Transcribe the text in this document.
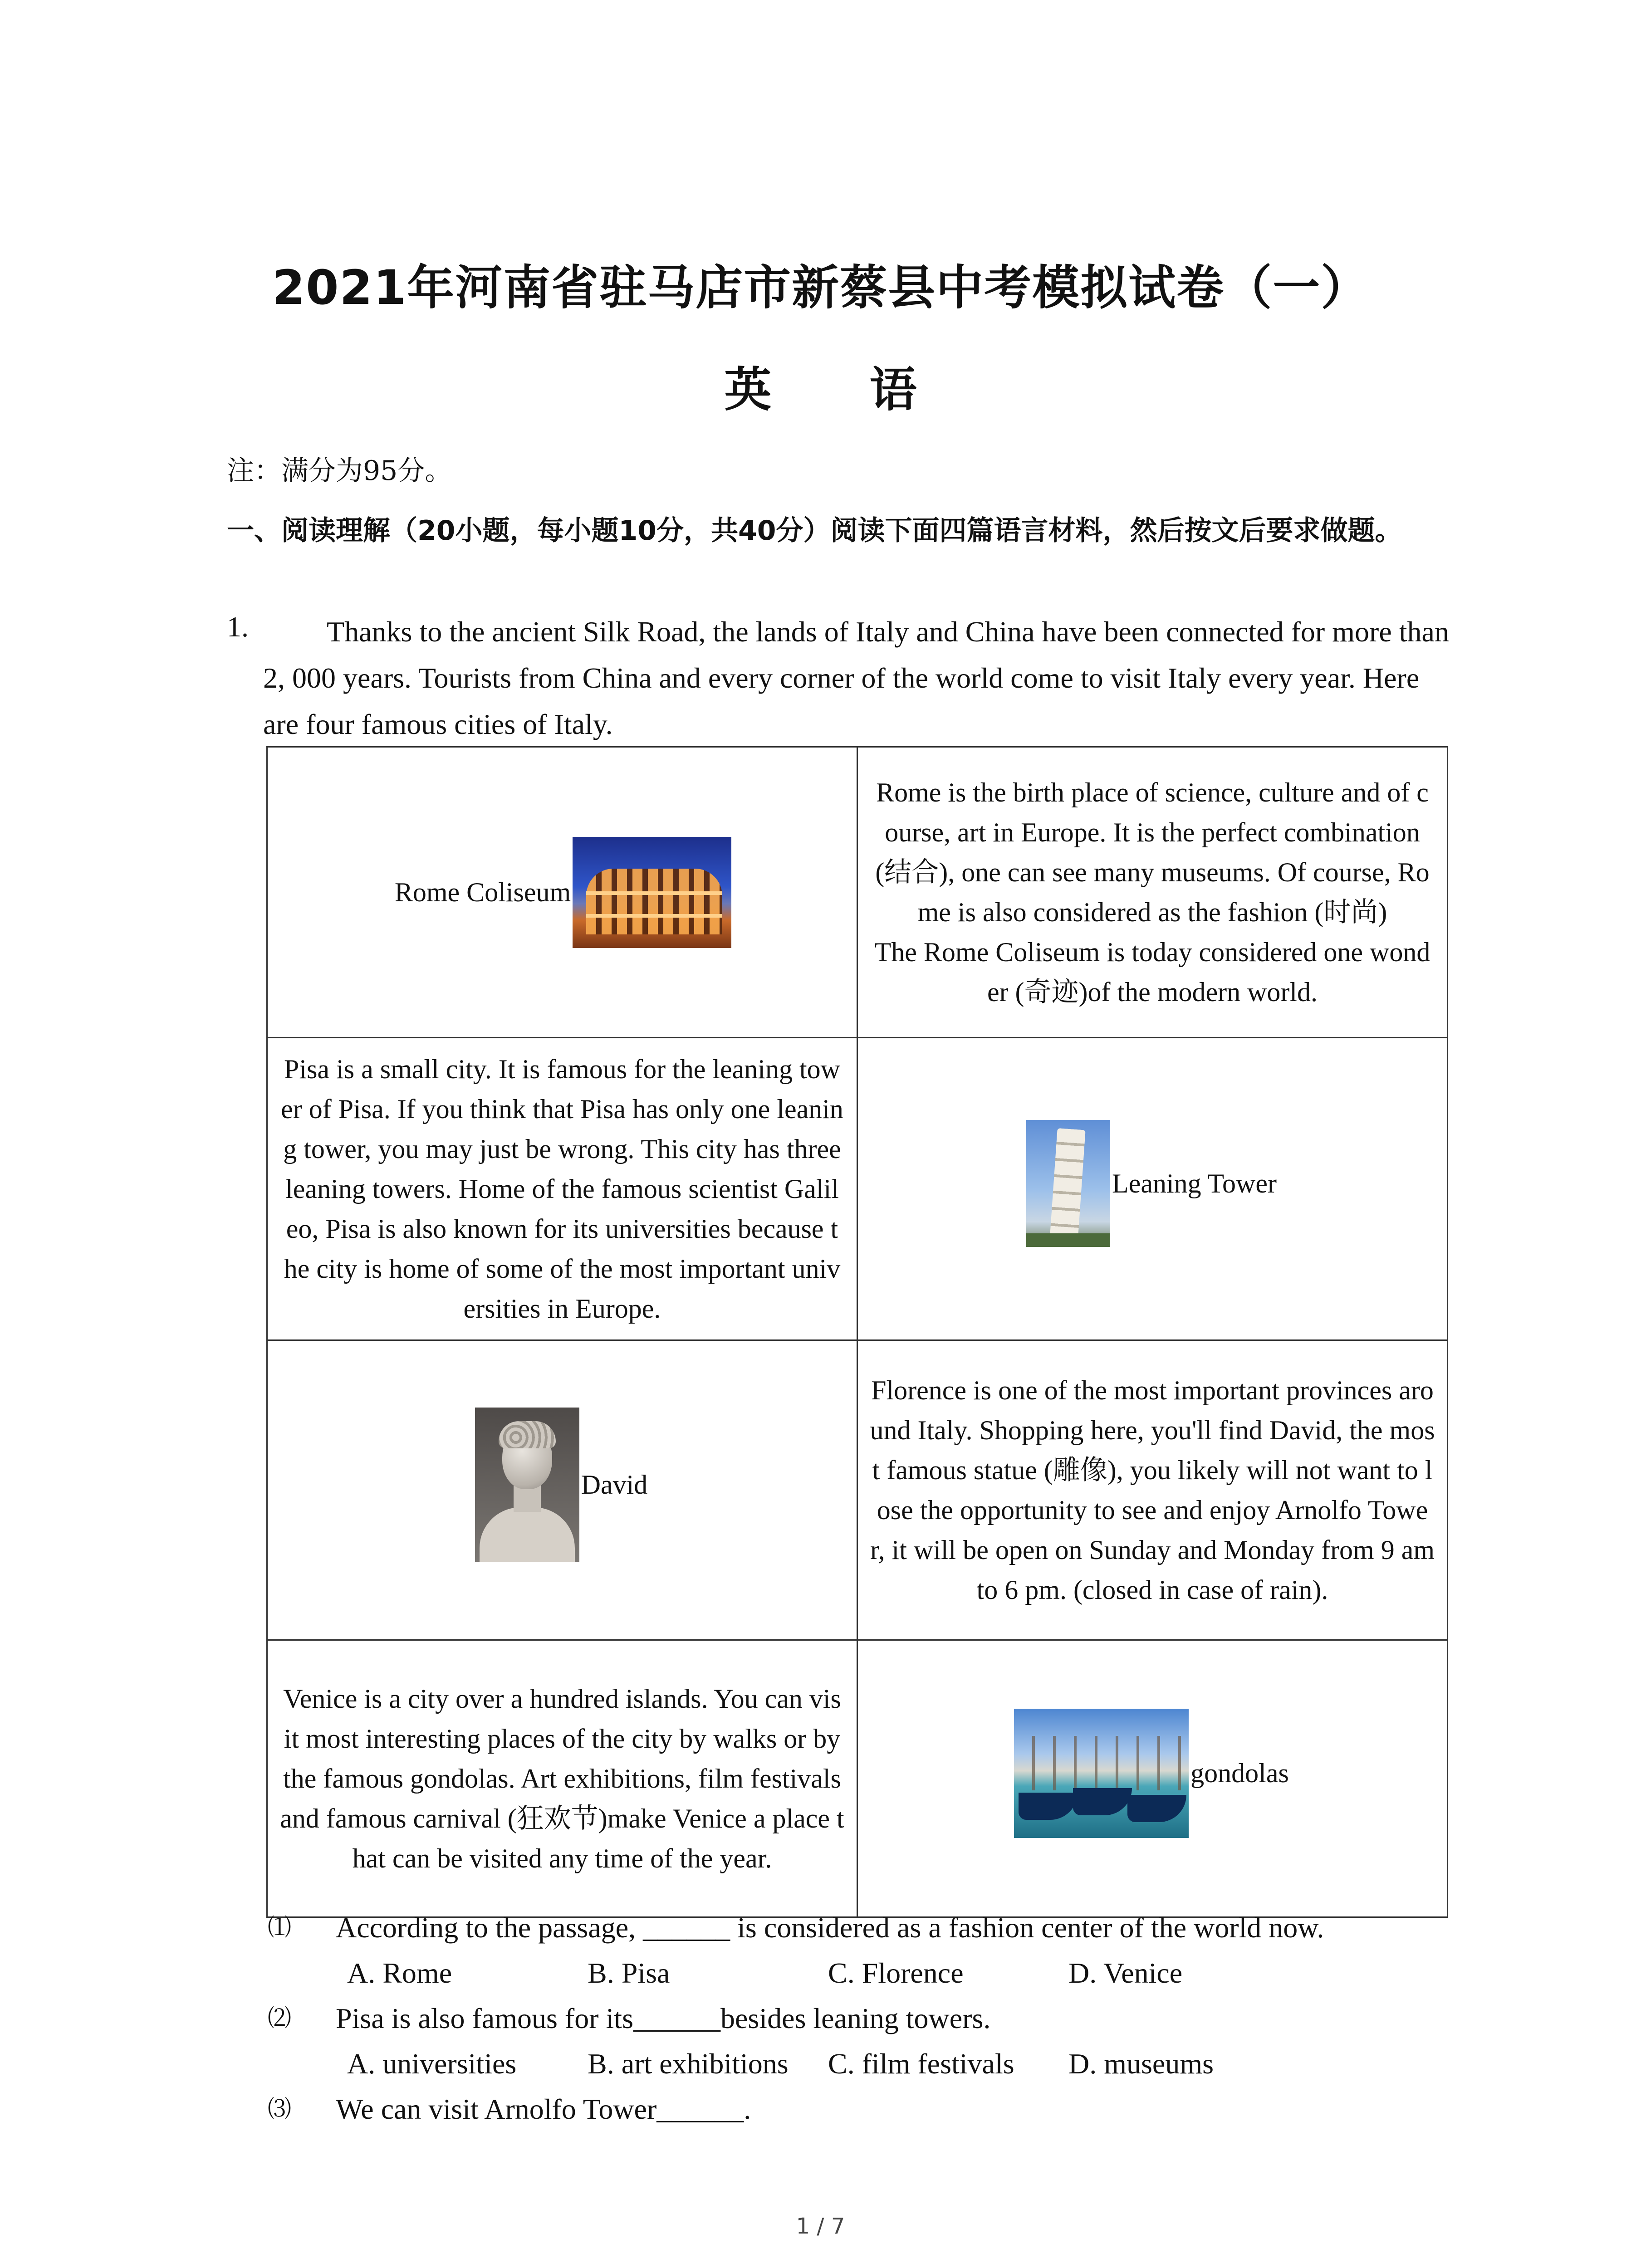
2021年河南省驻马店市新蔡县中考模拟试卷（一）
英 语
注：满分为95分。
一、阅读理解（20小题，每小题10分，共40分）阅读下面四篇语言材料，然后按文后要求做题。
1.	Thanks to the ancient Silk Road, the lands of Italy and China have been connected for more than 2, 000 years. Tourists from China and every corner of the world come to visit Italy every year. Here are four famous cities of Italy.
Rome Coliseum	Rome is the birth place of science, culture and of course, art in Europe. It is the perfect combination (结合), one can see many museums. Of course, Rome is also considered as the fashion (时尚)
The Rome Coliseum is today considered one wonder (奇迹)of the modern world.

Pisa is a small city. It is famous for the leaning tower of Pisa. If you think that Pisa has only one leaning tower, you may just be wrong. This city has three leaning towers. Home of the famous scientist Galileo, Pisa is also known for its universities because the city is home of some of the most important universities in Europe.	Leaning Tower

David	Florence is one of the most important provinces around Italy. Shopping here, you'll find David, the most famous statue (雕像), you likely will not want to lose the opportunity to see and enjoy Arnolfo Tower, it will be open on Sunday and Monday from 9 am to 6 pm. (closed in case of rain).

Venice is a city over a hundred islands. You can visit most interesting places of the city by walks or by the famous gondolas. Art exhibitions, film festivals and famous carnival (狂欢节)make Venice a place that can be visited any time of the year.	gondolas
⑴ According to the passage, ______ is considered as a fashion center of the world now.
A. Rome	B. Pisa	C. Florence	D. Venice
⑵ Pisa is also famous for its______besides leaning towers.
A. universities B. art exhibitions C. film festivals D. museums
⑶ We can visit Arnolfo Tower______.
1 / 7
